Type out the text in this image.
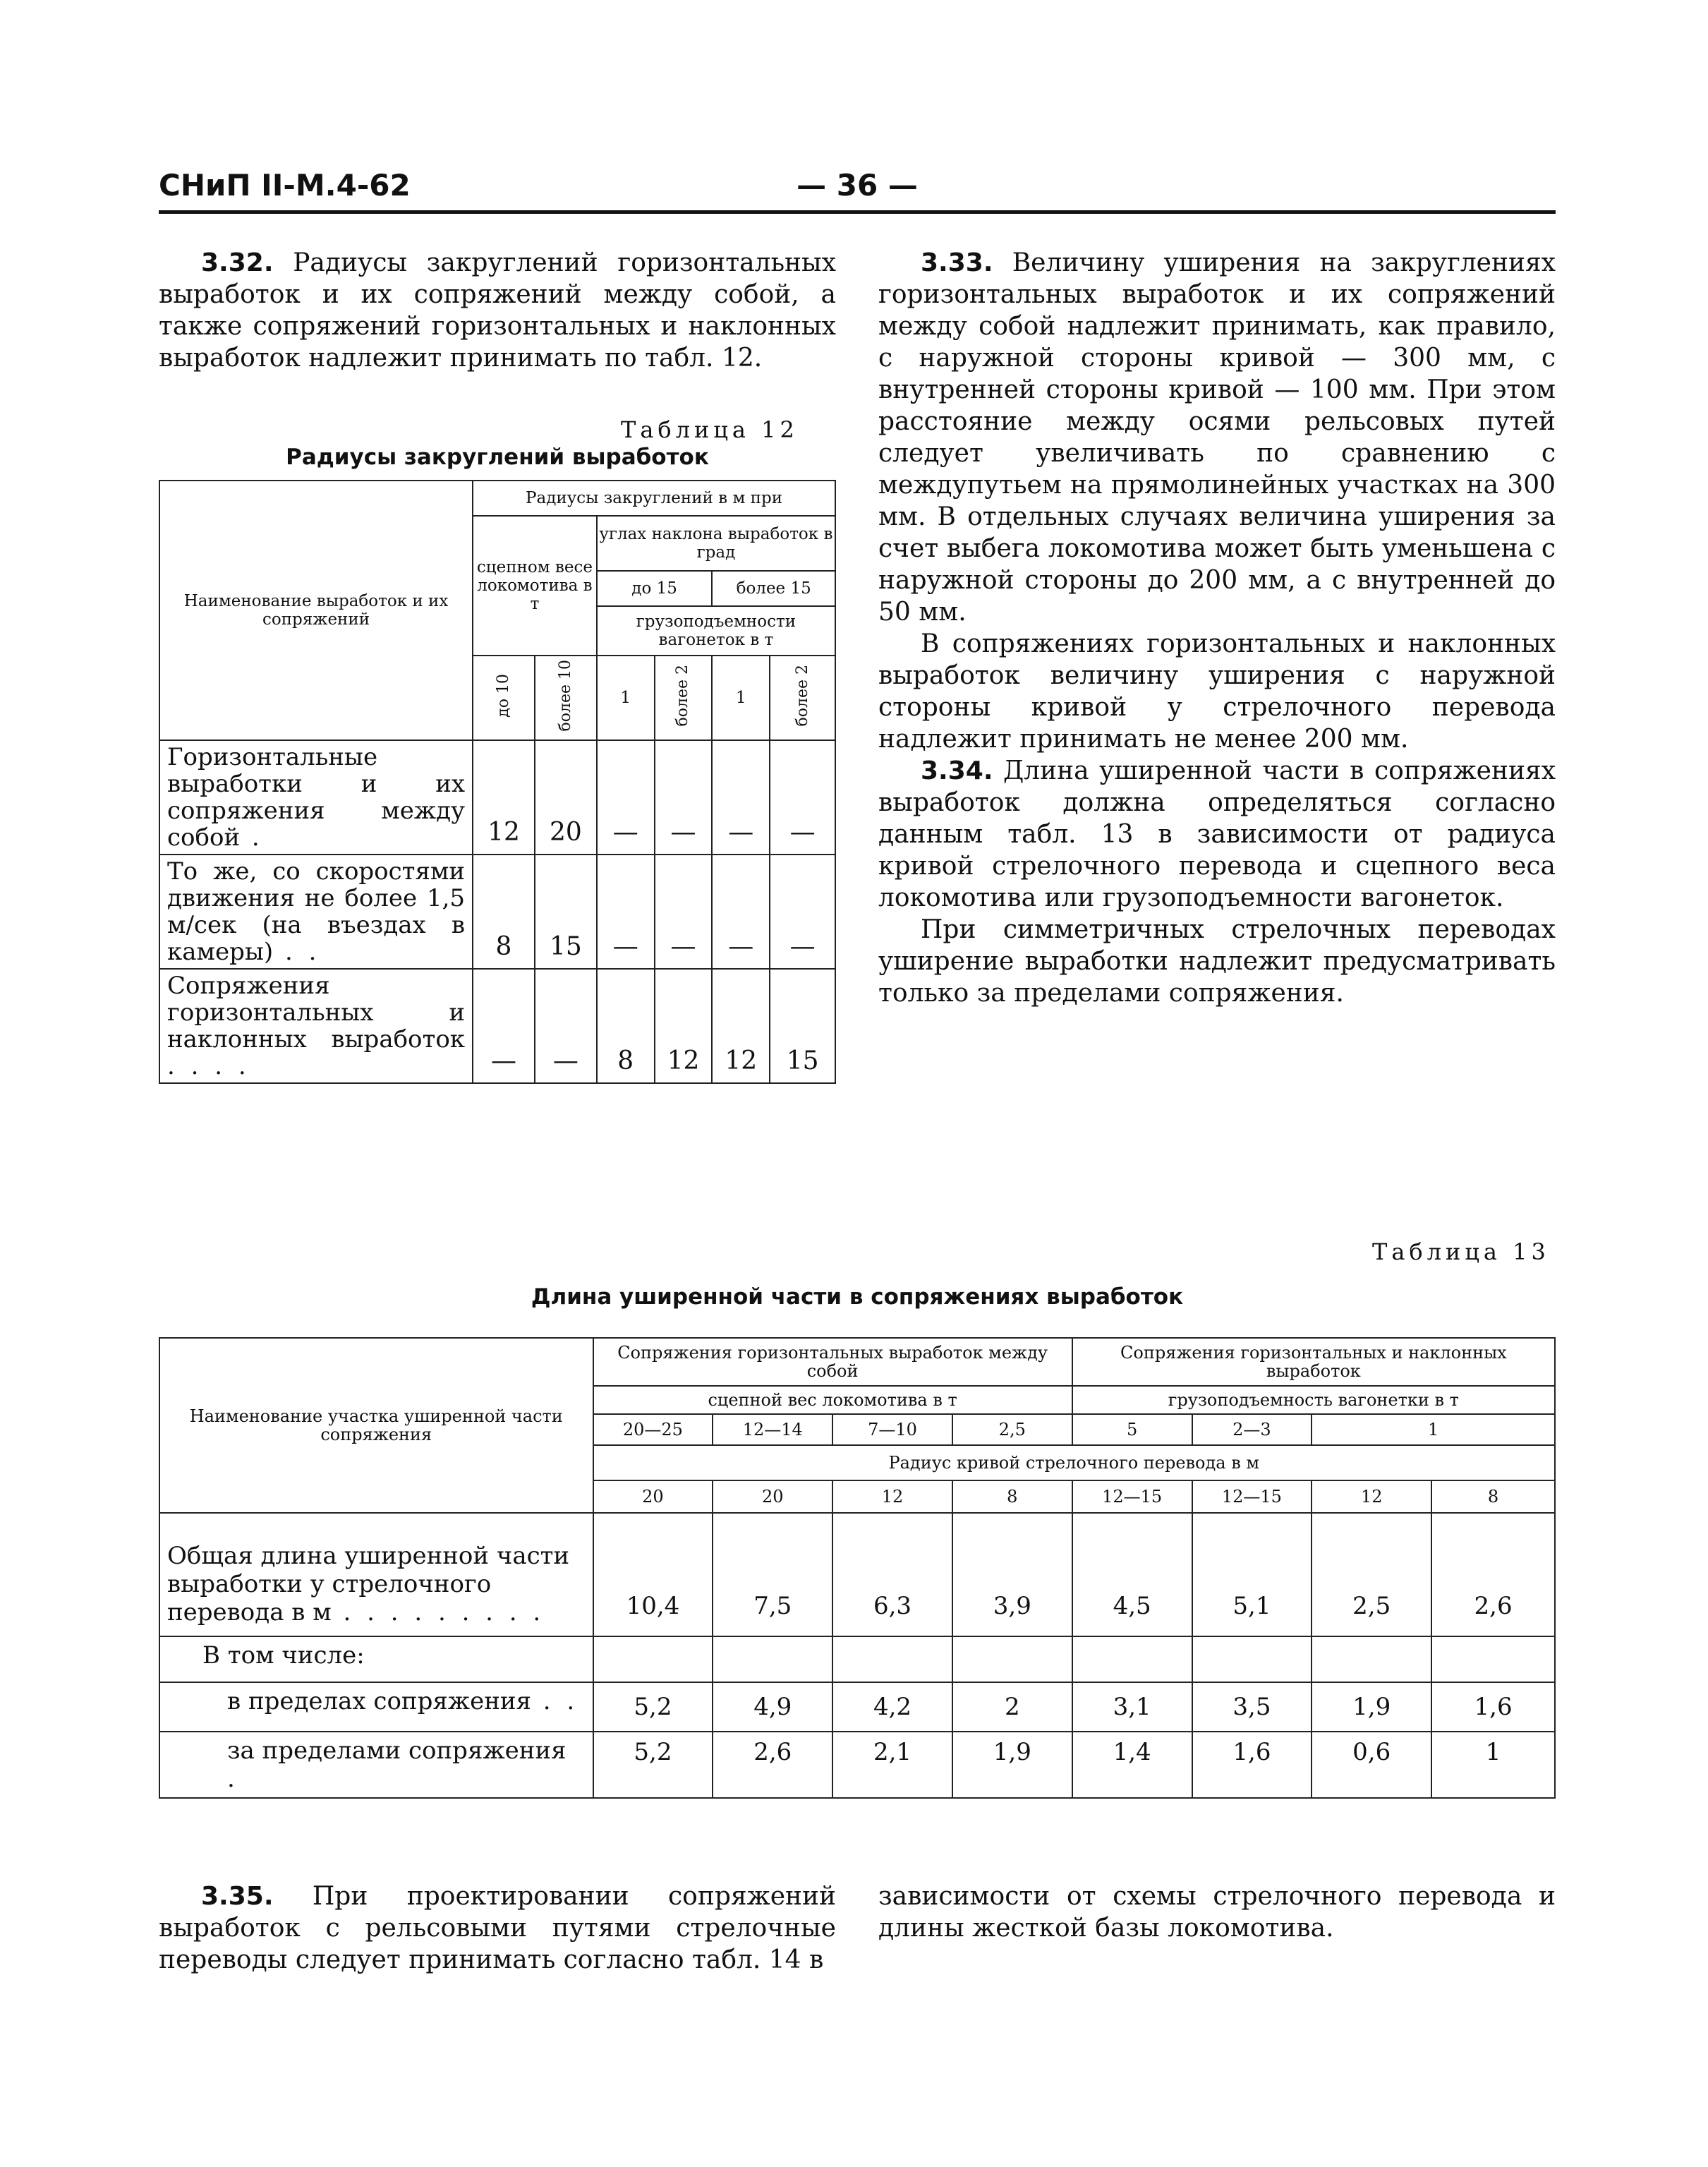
СНиП II-М.4-62	— 36 —

3.32. Радиусы закруглений горизонтальных выработок и их сопряжений между собой, а также сопряжений горизонтальных и наклонных выработок надлежит принимать по табл. 12.

Таблица 12
Радиусы закруглений выработок
Наименование выработок и их сопряжений	Радиусы закруглений в м при					
	сцепном весе локомотива в т		углах наклона выработок в град			
			до 15		более 15	
			грузоподъемности вагонеток в т			
	до 10	более 10	1	более 2	1	более 2
Горизонтальные выработки и их сопряжения между собой .	12	20	—	—	—	—
То же, со скоростями движения не более 1,5 м/сек (на въездах в камеры) . .	8	15	—	—	—	—
Сопряжения горизонтальных и наклонных выработок . . . .	—	—	8	12	12	15

3.33. Величину уширения на закруглениях горизонтальных выработок и их сопряжений между собой надлежит принимать, как правило, с наружной стороны кривой — 300 мм, с внутренней стороны кривой — 100 мм. При этом расстояние между осями рельсовых путей следует увеличивать по сравнению с междупутьем на прямолинейных участках на 300 мм. В отдельных случаях величина уширения за счет выбега локомотива может быть уменьшена с наружной стороны до 200 мм, а с внутренней до 50 мм.

В сопряжениях горизонтальных и наклонных выработок величину уширения с наружной стороны кривой у стрелочного перевода надлежит принимать не менее 200 мм.

3.34. Длина уширенной части в сопряжениях выработок должна определяться согласно данным табл. 13 в зависимости от радиуса кривой стрелочного перевода и сцепного веса локомотива или грузоподъемности вагонеток.

При симметричных стрелочных переводах уширение выработки надлежит предусматривать только за пределами сопряжения.

Таблица 13
Длина уширенной части в сопряжениях выработок
Наименование участка уширенной части сопряжения	Сопряжения горизонтальных выработок между собой				Сопряжения горизонтальных и наклонных выработок			
	сцепной вес локомотива в т				грузоподъемность вагонетки в т			
	20—25	12—14	7—10	2,5	5	2—3	1	
	Радиус кривой стрелочного перевода в м							
	20	20	12	8	12—15	12—15	12	8
Общая длина уширенной части выработки у стрелочного перевода в м . . . . . . . . .	10,4	7,5	6,3	3,9	4,5	5,1	2,5	2,6
В том числе:								
в пределах сопряжения . .	5,2	4,9	4,2	2	3,1	3,5	1,9	1,6
за пределами сопряжения .	5,2	2,6	2,1	1,9	1,4	1,6	0,6	1

3.35. При проектировании сопряжений выработок с рельсовыми путями стрелочные переводы следует принимать согласно табл. 14 в

зависимости от схемы стрелочного перевода и длины жесткой базы локомотива.
